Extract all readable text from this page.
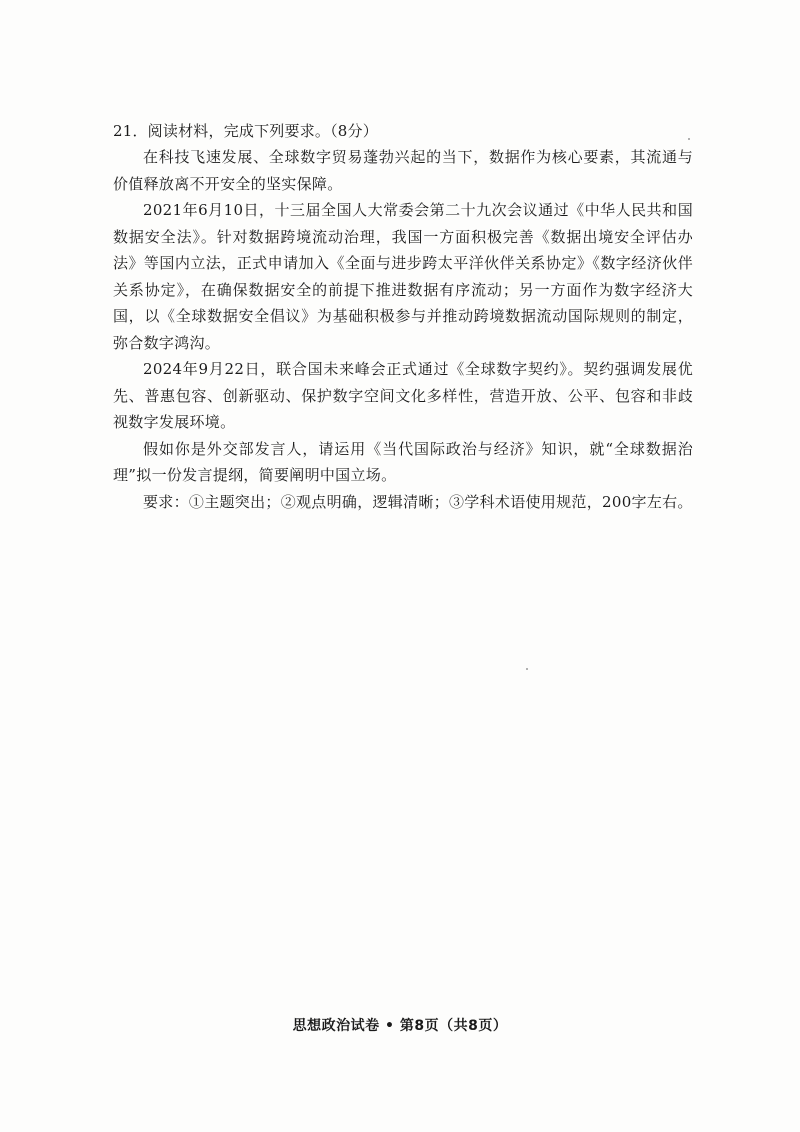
21．阅读材料，完成下列要求。（8分）

在科技飞速发展、全球数字贸易蓬勃兴起的当下，数据作为核心要素，其流通与价值释放离不开安全的坚实保障。

2021年6月10日，十三届全国人大常委会第二十九次会议通过《中华人民共和国数据安全法》。针对数据跨境流动治理，我国一方面积极完善《数据出境安全评估办法》等国内立法，正式申请加入《全面与进步跨太平洋伙伴关系协定》《数字经济伙伴关系协定》，在确保数据安全的前提下推进数据有序流动；另一方面作为数字经济大国，以《全球数据安全倡议》为基础积极参与并推动跨境数据流动国际规则的制定，弥合数字鸿沟。

2024年9月22日，联合国未来峰会正式通过《全球数字契约》。契约强调发展优先、普惠包容、创新驱动、保护数字空间文化多样性，营造开放、公平、包容和非歧视数字发展环境。

假如你是外交部发言人，请运用《当代国际政治与经济》知识，就“全球数据治理”拟一份发言提纲，简要阐明中国立场。

要求：①主题突出；②观点明确，逻辑清晰；③学科术语使用规范，200字左右。

思想政治试卷 • 第8页（共8页）
